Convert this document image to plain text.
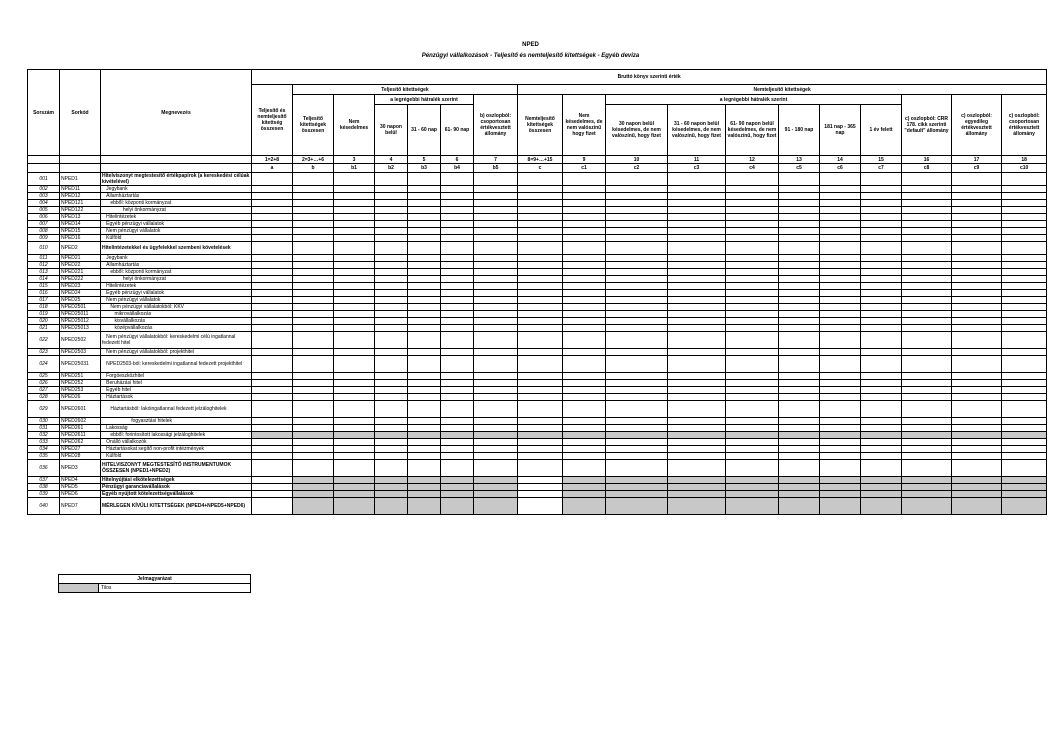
NPED
Pénzügyi vállalkozások - Teljesítő és nemteljesítő kitettségek - Egyéb deviza
Sorszám	Sorkód	Megnevezés	Bruttó könyv szerinti érték																	
			Teljesítő és nemteljesítő kitettség összesen	Teljesítő kitettségek						Nemteljesítő kitettségek										
				Teljesítő kitettségek összesen	Nem késedelmes	a legrégebbi hátralék szerint			b) oszlopból: csoportosan értékvesztett állomány	Nemteljesítő kitettségek összesen	Nem késedelmes, de nem valószínű hogy fizet	a legrégebbi hátralék szerint						c) oszlopból: CRR 178. cikk szerinti "default" állomány	c) oszlopból: egyedileg értékvesztett állomány	c) oszlopból: csoportosan értékvesztett állomány
						30 napon belül	31 - 60 nap	61- 90 nap				30 napon belül késedelmes, de nem valószínű, hogy fizet	31 - 60 napon belül késedelmes, de nem valószínű, hogy fizet	61- 90 napon belül késedelmes, de nem valószínű, hogy fizet	91 - 180 nap	181 nap - 365 nap	1 év felett			
			1=2+8	2=3+…+6	3	4	5	6	7	8=9+…+15	9	10	11	12	13	14	15	16	17	18
			a	b	b1	b2	b3	b4	b5	c	c1	c2	c3	c4	c5	c6	c7	c8	c9	c10
001	NPED1	Hitelviszonyt megtestesítő értékpapírok (a kereskedési célúak kivételével)																		
002	NPED11	Jegybank																		
003	NPED12	Államháztartás																		
004	NPED121	ebből: központi kormányzat																		
005	NPED122	helyi önkormányzat																		
006	NPED13	Hitelintézetek																		
007	NPED14	Egyéb pénzügyi vállalatok																		
008	NPED15	Nem pénzügyi vállalatok																		
009	NPED16	Külföld																		
010	NPED2	Hitelintézetekkel és ügyfelekkel szembeni követelések																		
011	NPED21	Jegybank																		
012	NPED22	Államháztartás																		
013	NPED221	ebből: központi kormányzat																		
014	NPED222	helyi önkormányzat																		
015	NPED23	Hitelintézetek																		
016	NPED24	Egyéb pénzügyi vállalatok																		
017	NPED25	Nem pénzügyi vállalatok																		
018	NPED2501	Nem pénzügyi vállalatokból: KKV																		
019	NPED25011	mikrovállalkozás																		
020	NPED25012	kisvállalkozás																		
021	NPED25013	középvállalkozás																		
022	NPED2502	Nem pénzügyi vállalatokból: kereskedelmi célú ingatlannal fedezett hitel																		
023	NPED2503	Nem pénzügyi vállalatokból: projekthitel																		
024	NPED25031	NPED2503-ból: kereskedelmi ingatlannal fedezett projekthitel																		
025	NPED251	Forgóeszközhitel																		
026	NPED252	Beruházási hitel																		
027	NPED253	Egyéb hitel																		
028	NPED26	Háztartások																		
029	NPED2601	Háztartásból: lakóingatlannal fedezett jelzáloghitelek																		
030	NPED2602	fogyasztási hitelek																		
031	NPED261	Lakosság																		
032	NPED2611	ebből: forintosított lakossági jelzáloghitelek																		
033	NPED262	Önálló vállalkozók																		
034	NPED27	Háztartásokat segítő non-profit intézmények																		
035	NPED28	Külföld																		
036	NPED3	HITELVISZONYT MEGTESTESÍTŐ INSTRUMENTUMOK ÖSSZESEN (NPED1+NPED2)																		
037	NPED4	Hitelnyújtási elkötelezettségek																		
038	NPED5	Pénzügyi garanciavállalások																		
039	NPED6	Egyéb nyújtott kötelezettségvállalások																		
040	NPED7	MÉRLEGEN KÍVÜLI KITETTSÉGEK (NPED4+NPED5+NPED6)																		
Jelmagyarázat
	Tilos
